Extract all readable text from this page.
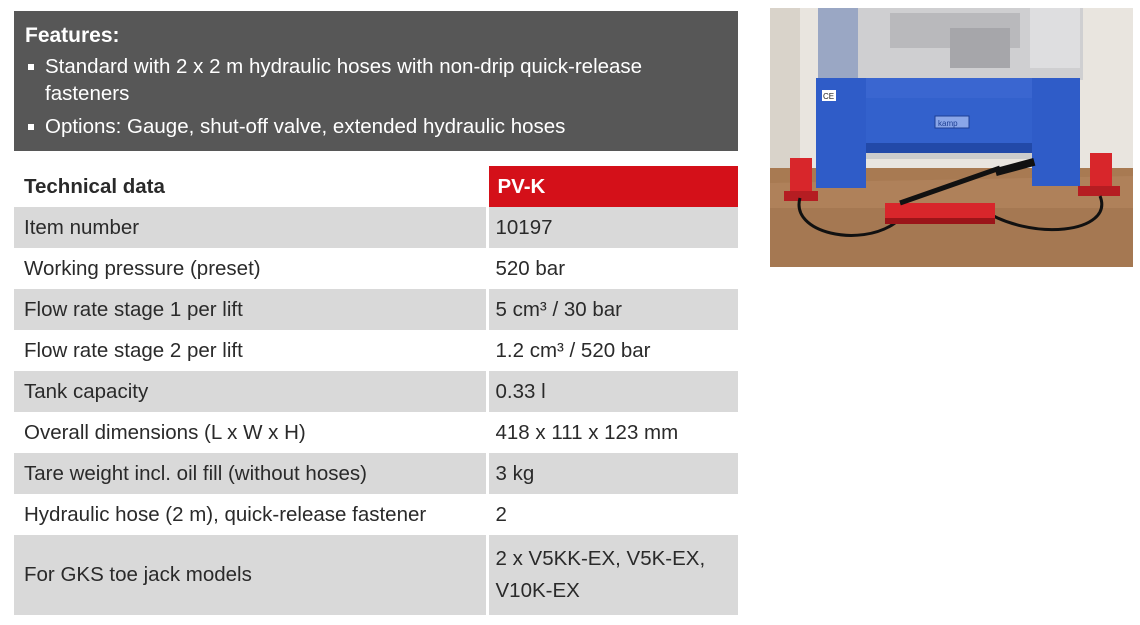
Features:
Standard with 2 x 2 m hydraulic hoses with non-drip quick-release fasteners
Options: Gauge, shut-off valve, extended hydraulic hoses
Technical data	PV-K
Item number	10197
Working pressure (preset)	520 bar
Flow rate stage 1 per lift	5 cm³ / 30 bar
Flow rate stage 2 per lift	1.2 cm³ / 520 bar
Tank capacity	0.33 l
Overall dimensions (L x W x H)	418 x 111 x 123 mm
Tare weight incl. oil fill (without hoses)	3 kg
Hydraulic hose (2 m), quick-release fastener	2
For GKS toe jack models	2 x V5KK-EX, V5K-EX, V10K-EX
kamp
CE
